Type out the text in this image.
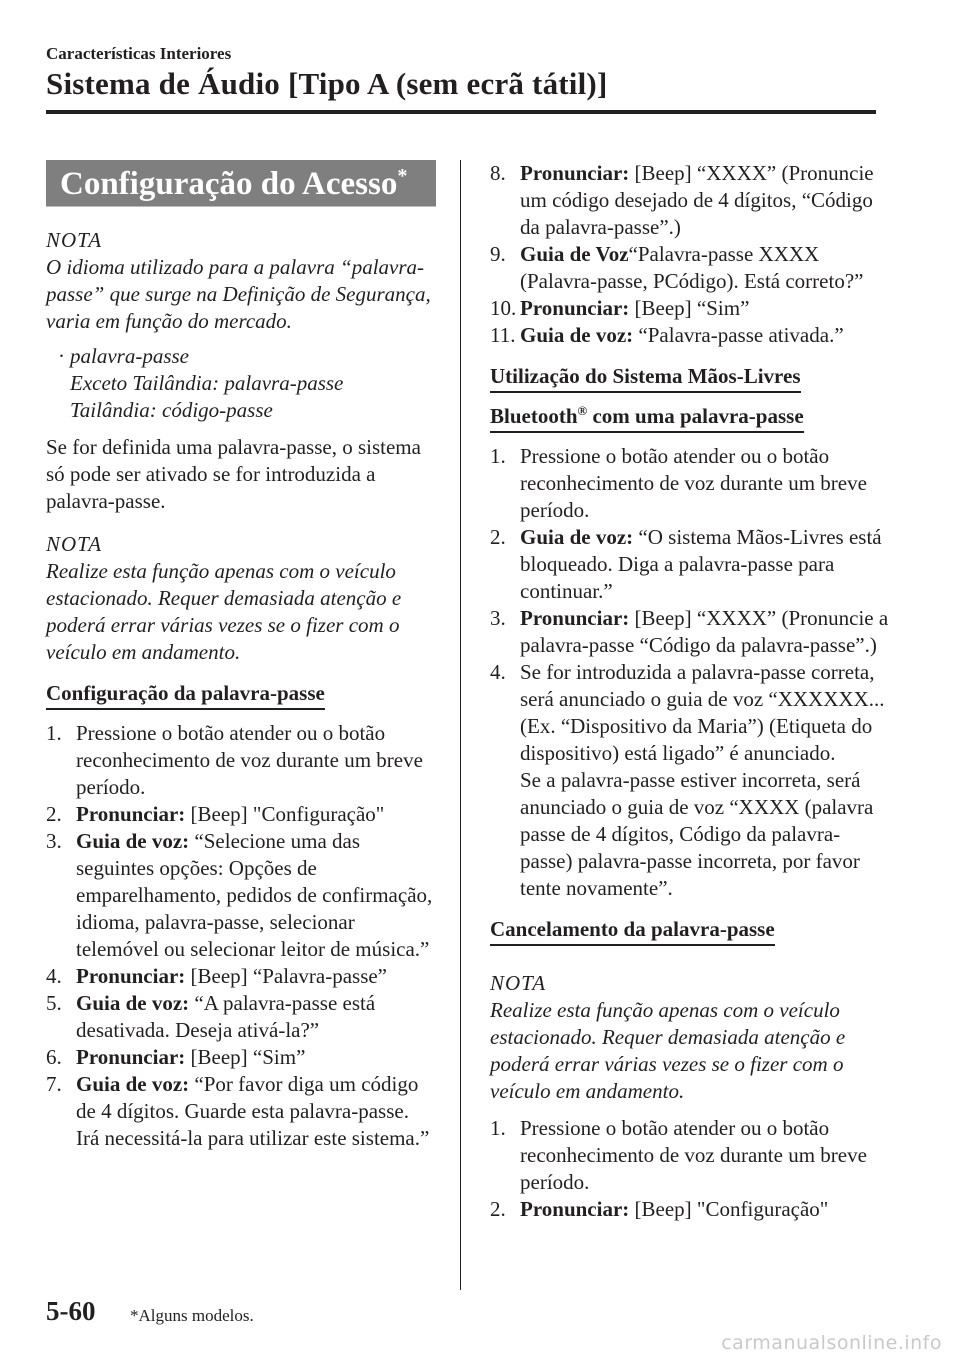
Características Interiores
Sistema de Áudio [Tipo A (sem ecrã tátil)]
Configuração do Acesso*
NOTA

O idioma utilizado para a palavra “palavra-passe” que surge na Definição de Segurança, varia em função do mercado.

· palavra-passe
Exceto Tailândia: palavra-passe
Tailândia: código-passe

Se for definida uma palavra-passe, o sistema só pode ser ativado se for introduzida a palavra-passe.

NOTA

Realize esta função apenas com o veículo estacionado. Requer demasiada atenção e poderá errar várias vezes se o fizer com o veículo em andamento.

Configuração da palavra-passe
1. Pressione o botão atender ou o botão reconhecimento de voz durante um breve período.
2. Pronunciar: [Beep] "Configuração"
3. Guia de voz: “Selecione uma das seguintes opções: Opções de emparelhamento, pedidos de confirmação, idioma, palavra-passe, selecionar telemóvel ou selecionar leitor de música.”
4. Pronunciar: [Beep] “Palavra-passe”
5. Guia de voz: “A palavra-passe está desativada. Deseja ativá-la?”
6. Pronunciar: [Beep] “Sim”
7. Guia de voz: “Por favor diga um código de 4 dígitos. Guarde esta palavra-passe. Irá necessitá-la para utilizar este sistema.”
8. Pronunciar: [Beep] “XXXX” (Pronuncie um código desejado de 4 dígitos, “Código da palavra-passe”.)
9. Guia de Voz“Palavra-passe XXXX (Palavra-passe, PCódigo). Está correto?”
10. Pronunciar: [Beep] “Sim”
11. Guia de voz: “Palavra-passe ativada.”
Utilização do Sistema Mãos-Livres
Bluetooth® com uma palavra-passe
1. Pressione o botão atender ou o botão reconhecimento de voz durante um breve período.
2. Guia de voz: “O sistema Mãos-Livres está bloqueado. Diga a palavra-passe para continuar.”
3. Pronunciar: [Beep] “XXXX” (Pronuncie a palavra-passe “Código da palavra-passe”.)
4. Se for introduzida a palavra-passe correta, será anunciado o guia de voz “XXXXXX... (Ex. “Dispositivo da Maria”) (Etiqueta do dispositivo) está ligado” é anunciado.
Se a palavra-passe estiver incorreta, será anunciado o guia de voz “XXXX (palavra passe de 4 dígitos, Código da palavra-passe) palavra-passe incorreta, por favor tente novamente”.
Cancelamento da palavra-passe
NOTA

Realize esta função apenas com o veículo estacionado. Requer demasiada atenção e poderá errar várias vezes se o fizer com o veículo em andamento.

1. Pressione o botão atender ou o botão reconhecimento de voz durante um breve período.
2. Pronunciar: [Beep] "Configuração"
5-60 *Alguns modelos.
carmanualsonline.info
